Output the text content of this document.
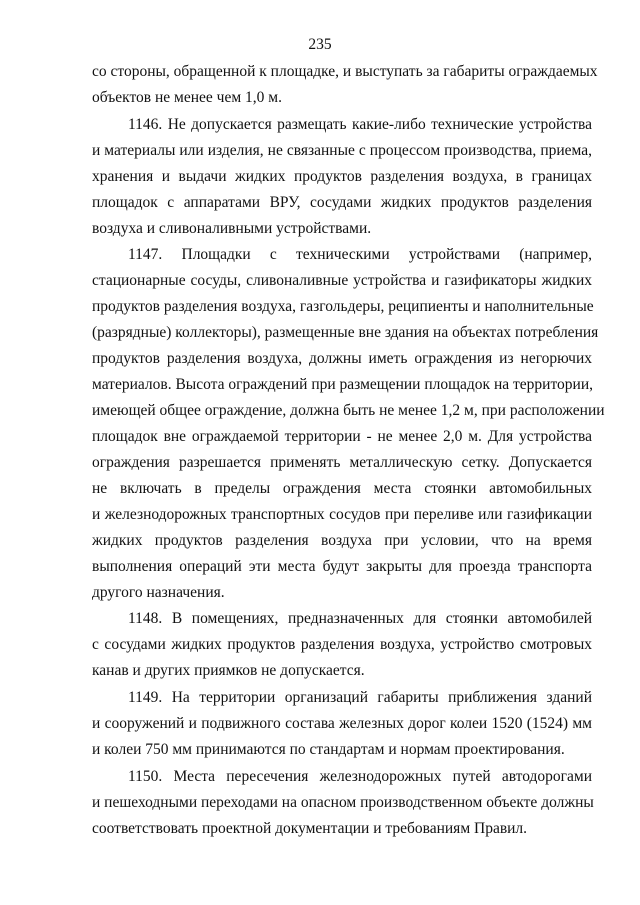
235
со стороны, обращенной к площадке, и выступать за габариты ограждаемых
объектов не менее чем 1,0 м.
1146. Не допускается размещать какие-либо технические устройства
и материалы или изделия, не связанные с процессом производства, приема,
хранения и выдачи жидких продуктов разделения воздуха, в границах
площадок с аппаратами ВРУ, сосудами жидких продуктов разделения
воздуха и сливоналивными устройствами.
1147. Площадки с техническими устройствами (например,
стационарные сосуды, сливоналивные устройства и газификаторы жидких
продуктов разделения воздуха, газгольдеры, реципиенты и наполнительные
(разрядные) коллекторы), размещенные вне здания на объектах потребления
продуктов разделения воздуха, должны иметь ограждения из негорючих
материалов. Высота ограждений при размещении площадок на территории,
имеющей общее ограждение, должна быть не менее 1,2 м, при расположении
площадок вне ограждаемой территории - не менее 2,0 м. Для устройства
ограждения разрешается применять металлическую сетку. Допускается
не включать в пределы ограждения места стоянки автомобильных
и железнодорожных транспортных сосудов при переливе или газификации
жидких продуктов разделения воздуха при условии, что на время
выполнения операций эти места будут закрыты для проезда транспорта
другого назначения.
1148. В помещениях, предназначенных для стоянки автомобилей
с сосудами жидких продуктов разделения воздуха, устройство смотровых
канав и других приямков не допускается.
1149. На территории организаций габариты приближения зданий
и сооружений и подвижного состава железных дорог колеи 1520 (1524) мм
и колеи 750 мм принимаются по стандартам и нормам проектирования.
1150. Места пересечения железнодорожных путей автодорогами
и пешеходными переходами на опасном производственном объекте должны
соответствовать проектной документации и требованиям Правил.
